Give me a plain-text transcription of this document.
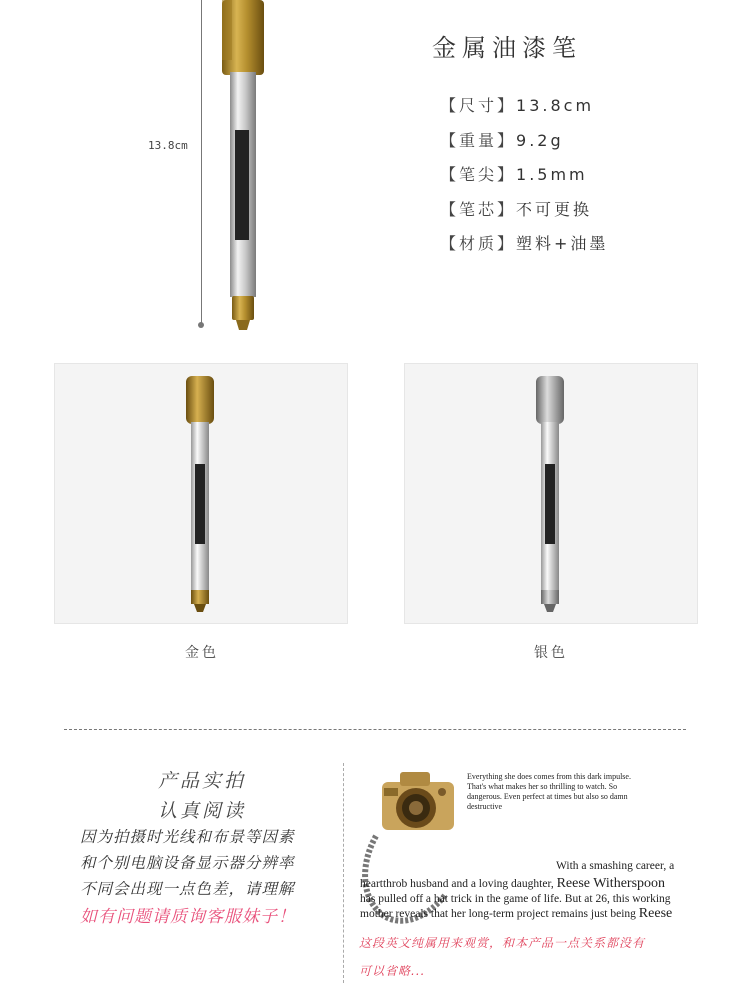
13.8cm
金属油漆笔
【尺寸】13.8cm
【重量】9.2g
【笔尖】1.5mm
【笔芯】不可更换
【材质】塑料+油墨
金色	银色
产品实拍
认真阅读
因为拍摄时光线和布景等因素
和个别电脑设备显示器分辨率
不同会出现一点色差，请理解
如有问题请质询客服妹子！
Everything she does comes from this dark impulse. That's what makes her so thrilling to watch. So dangerous. Even perfect at times but also so damn destructive
With a smashing career, a
heartthrob husband and a loving daughter, Reese Witherspoon
has pulled off a hat trick in the game of life. But at 26, this working
mother reveals that her long-term project remains just being Reese
这段英文纯属用来观赏，和本产品一点关系都没有
可以省略...
